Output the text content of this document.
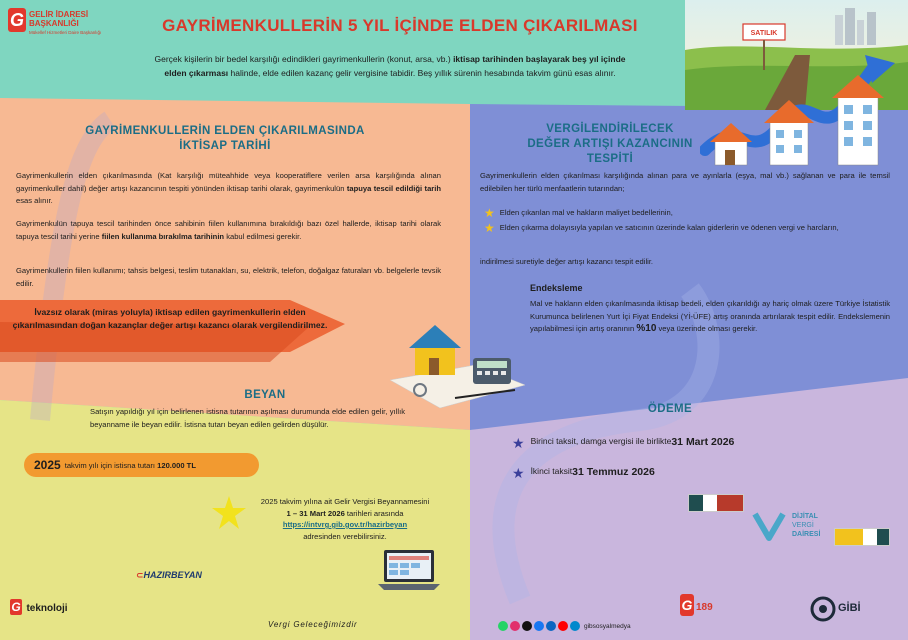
G GELİR İDARESİ
BAŞKANLIĞI
Mükellef Hizmetleri Daire Başkanlığı	GAYRİMENKULLERİN 5 YIL İÇİNDE ELDEN ÇIKARILMASI
Gerçek kişilerin bir bedel karşılığı edindikleri gayrimenkullerin (konut, arsa, vb.) iktisap tarihinden başlayarak beş yıl içinde
elden çıkarması halinde, elde edilen kazanç gelir vergisine tabidir. Beş yıllık sürenin hesabında takvim günü esas alınır.
SATILIK
GAYRİMENKULLERİN ELDEN ÇIKARILMASINDA
İKTİSAP TARİHİ
Gayrimenkullerin elden çıkarılmasında (Kat karşılığı müteahhide veya kooperatiflere verilen arsa karşılığında alınan gayrimenkuller dahil) değer artışı kazancının tespiti yönünden iktisap tarihi olarak, gayrimenkulün tapuya tescil edildiği tarih esas alınır.
Gayrimenkulün tapuya tescil tarihinden önce sahibinin fiilen kullanımına bırakıldığı bazı özel hallerde, iktisap tarihi olarak tapuya tescil tarihi yerine fiilen kullanıma bırakılma tarihinin kabul edilmesi gerekir.
Gayrimenkullerin fiilen kullanımı; tahsis belgesi, teslim tutanakları, su, elektrik, telefon, doğalgaz faturaları vb. belgelerle tevsik edilir.
İvazsız olarak (miras yoluyla) iktisap edilen gayrimenkullerin elden çıkarılmasından doğan kazançlar değer artışı kazancı olarak vergilendirilmez.
VERGİLENDİRİLECEK
DEĞER ARTIŞI KAZANCININ
TESPİTİ
Gayrimenkullerin elden çıkarılması karşılığında alınan para ve ayınlarla (eşya, mal vb.) sağlanan ve para ile temsil edilebilen her türlü menfaatlerin tutarından;
★ Elden çıkarılan mal ve hakların maliyet bedellerinin,
★ Elden çıkarma dolayısıyla yapılan ve satıcının üzerinde kalan giderlerin ve ödenen vergi ve harcların,
indirilmesi suretiyle değer artışı kazancı tespit edilir.
Endeksleme
Mal ve hakların elden çıkarılmasında iktisap bedeli, elden çıkarıldığı ay hariç olmak üzere Türkiye İstatistik Kurumunca belirlenen Yurt İçi Fiyat Endeksi (Yİ-ÜFE) artış oranında artırılarak tespit edilir. Endekslemenin yapılabilmesi için artış oranının %10 veya üzerinde olması gerekir.
BEYAN
Satışın yapıldığı yıl için belirlenen istisna tutarının aşılması durumunda elde edilen gelir, yıllık beyanname ile beyan edilir. İstisna tutarı beyan edilen gelirden düşülür.
2025 takvim yılı için istisna tutarı 120.000 TL
2025 takvim yılına ait Gelir Vergisi Beyannamesini
1 – 31 Mart 2026 tarihleri arasında
https://intvrg.gib.gov.tr/hazirbeyan
adresinden verebilirsiniz.
ÖDEME
★ Birinci taksit, damga vergisi ile birlikte 31 Mart 2026
★ İkinci taksit 31 Temmuz 2026
DİJİTAL
VERGİ
DAİRESİ
⊂HAZIRBEYAN
G teknoloji
Vergi Geleceğimizdir	gibsosyalmedya
G 189	GİBİ
